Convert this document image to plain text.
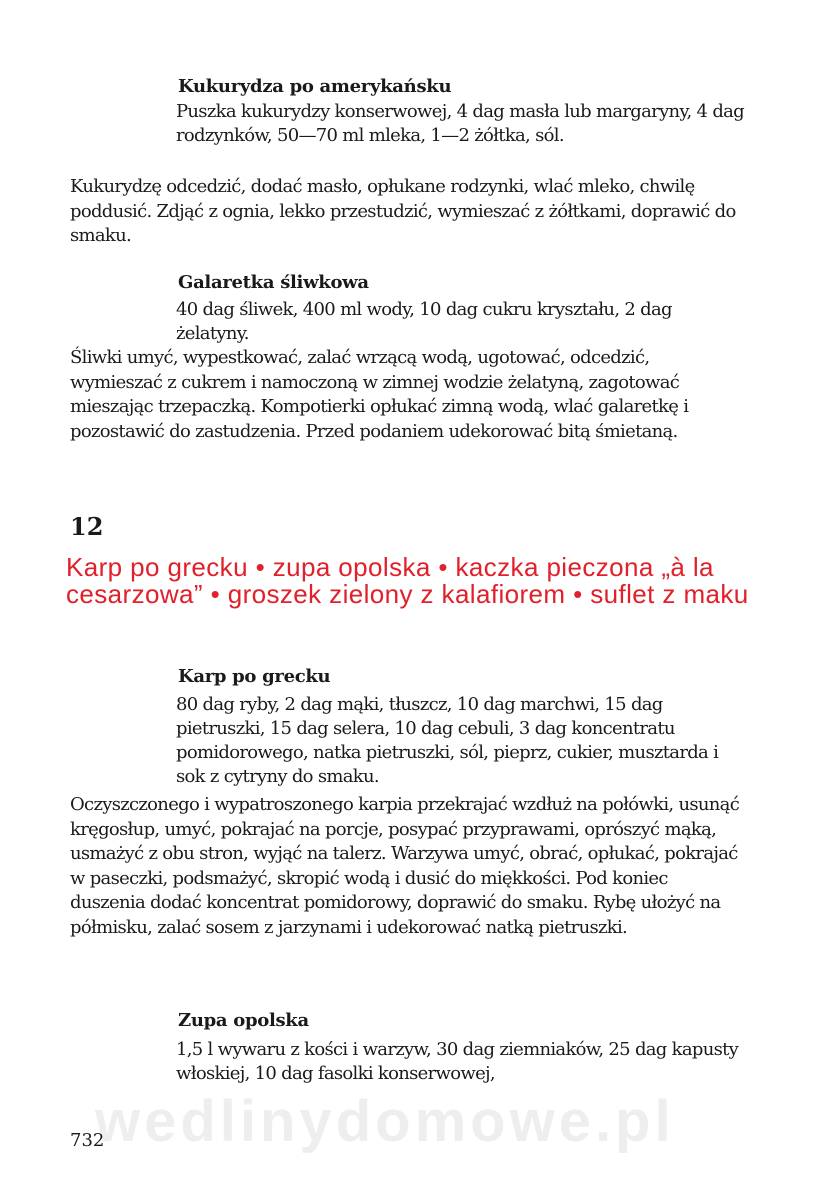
Kukurydza po amerykańsku

Puszka kukurydzy konserwowej, 4 dag masła lub margaryny, 4 dag rodzynków, 50—70 ml mleka, 1—2 żółtka, sól.

Kukurydzę odcedzić, dodać masło, opłukane rodzynki, wlać mleko, chwilę poddusić. Zdjąć z ognia, lekko przestudzić, wymieszać z żółtkami, doprawić do smaku.

Galaretka śliwkowa

40 dag śliwek, 400 ml wody, 10 dag cukru kryształu, 2 dag żelatyny.

Śliwki umyć, wypestkować, zalać wrzącą wodą, ugotować, odcedzić, wymieszać z cukrem i namoczoną w zimnej wodzie żelatyną, zagotować mieszając trzepaczką. Kompotierki opłukać zimną wodą, wlać galaretkę i pozostawić do zastudzenia. Przed podaniem udekorować bitą śmietaną.

12

Karp po grecku • zupa opolska • kaczka pieczona „à la cesarzowa” • groszek zielony z kalafiorem • suflet z maku

Karp po grecku

80 dag ryby, 2 dag mąki, tłuszcz, 10 dag marchwi, 15 dag pietruszki, 15 dag selera, 10 dag cebuli, 3 dag koncentratu pomidorowego, natka pietruszki, sól, pieprz, cukier, musztarda i sok z cytryny do smaku.

Oczyszczonego i wypatroszonego karpia przekrajać wzdłuż na połówki, usunąć kręgosłup, umyć, pokrajać na porcje, posypać przyprawami, oprószyć mąką, usmażyć z obu stron, wyjąć na talerz. Warzywa umyć, obrać, opłukać, pokrajać w paseczki, podsmażyć, skropić wodą i dusić do miękkości. Pod koniec duszenia dodać koncentrat pomidorowy, doprawić do smaku. Rybę ułożyć na półmisku, zalać sosem z jarzynami i udekorować natką pietruszki.

Zupa opolska

1,5 l wywaru z kości i warzyw, 30 dag ziemniaków, 25 dag kapusty włoskiej, 10 dag fasolki konserwowej,

wedlinydomowe.pl
732
